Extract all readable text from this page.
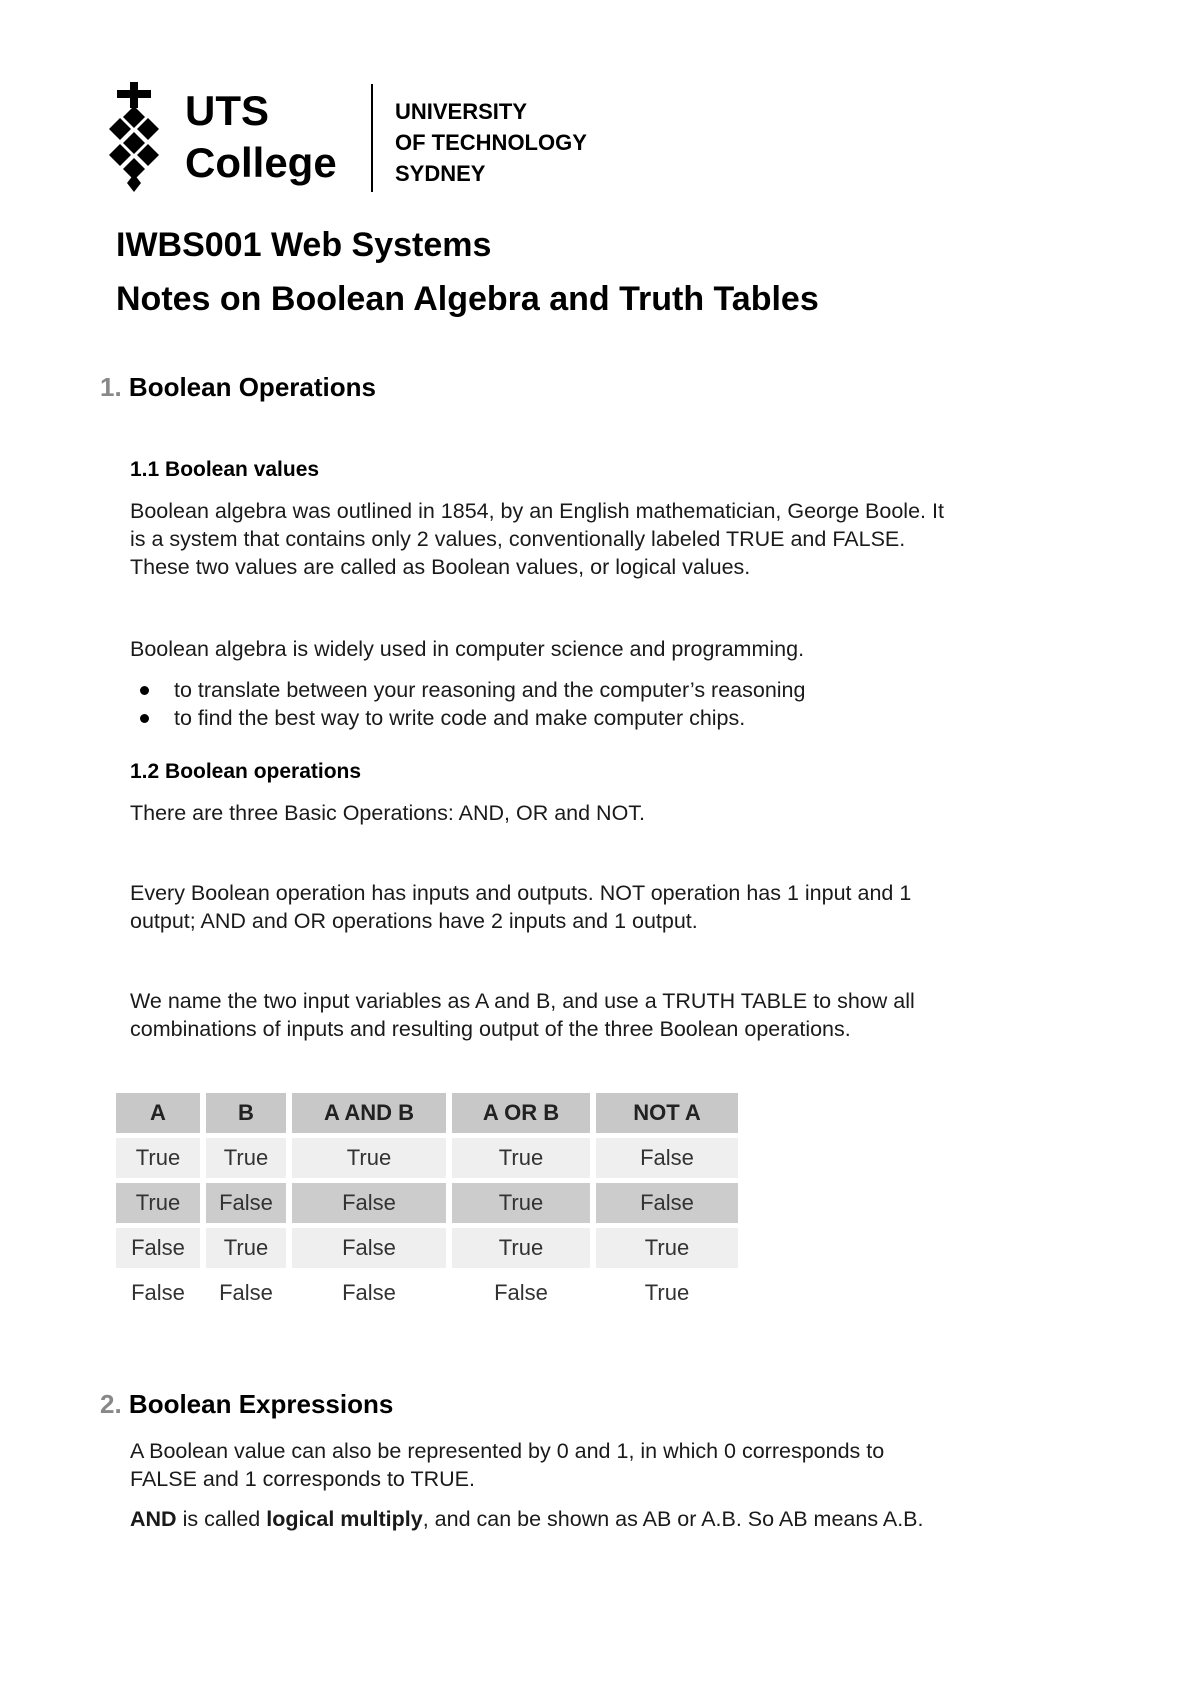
UTS
College
UNIVERSITY
OF TECHNOLOGY
SYDNEY
IWBS001 Web Systems
Notes on Boolean Algebra and Truth Tables
1. Boolean Operations
1.1 Boolean values
Boolean algebra was outlined in 1854, by an English mathematician, George Boole. It
is a system that contains only 2 values, conventionally labeled TRUE and FALSE.
These two values are called as Boolean values, or logical values.
Boolean algebra is widely used in computer science and programming.
to translate between your reasoning and the computer’s reasoning
to find the best way to write code and make computer chips.
1.2 Boolean operations
There are three Basic Operations: AND, OR and NOT.
Every Boolean operation has inputs and outputs. NOT operation has 1 input and 1
output; AND and OR operations have 2 inputs and 1 output.
We name the two input variables as A and B, and use a TRUTH TABLE to show all
combinations of inputs and resulting output of the three Boolean operations.
A	B	A AND B	A OR B	NOT A
True	True	True	True	False
True	False	False	True	False
False	True	False	True	True
False	False	False	False	True
2. Boolean Expressions
A Boolean value can also be represented by 0 and 1, in which 0 corresponds to
FALSE and 1 corresponds to TRUE.
AND is called logical multiply, and can be shown as AB or A.B. So AB means A.B.
